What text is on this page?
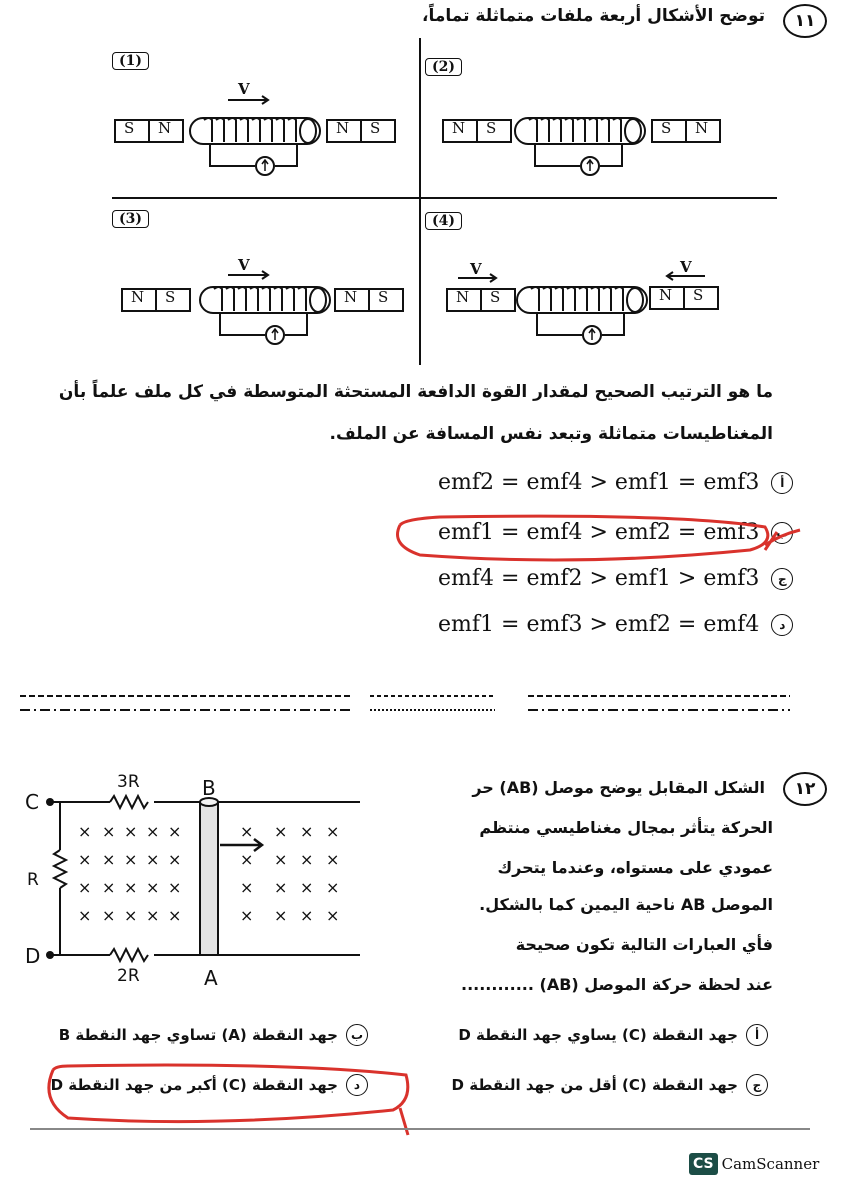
١١
توضح الأشكال أربعة ملفات متماثلة تماماً،
(1)	(2)
(3)	(4)
S N	N S
V
N S	S N
N S	N S
V
N S	N S
V	V
ما هو الترتيب الصحيح لمقدار القوة الدافعة المستحثة المتوسطة في كل ملف علماً بأن
المغناطيسات متماثلة وتبعد نفس المسافة عن الملف.
emf2 = emf4 > emf1 = emf3	أ
emf1 = emf4 > emf2 = emf3	ب
emf4 = emf2 > emf1 > emf3	ج
emf1 = emf3 > emf2 = emf4	د
١٢
الشكل المقابل يوضح موصل (AB) حر
الحركة يتأثر بمجال مغناطيسي منتظم
عمودي على مستواه، وعندما يتحرك
الموصل AB ناحية اليمين كما بالشكل.
فأي العبارات التالية تكون صحيحة
عند لحظة حركة الموصل (AB) ............
× × × × ×
× × × × ×
× × × × ×
× × × × ×
× × × ×
× × × ×
× × × ×
× × × ×
3R
R
2R
C
D
B
A
أ
جهد النقطة (C) يساوي جهد النقطة D
ب
جهد النقطة (A) تساوي جهد النقطة B
ج
جهد النقطة (C) أقل من جهد النقطة D
د
جهد النقطة (C) أكبر من جهد النقطة D
CS CamScanner
